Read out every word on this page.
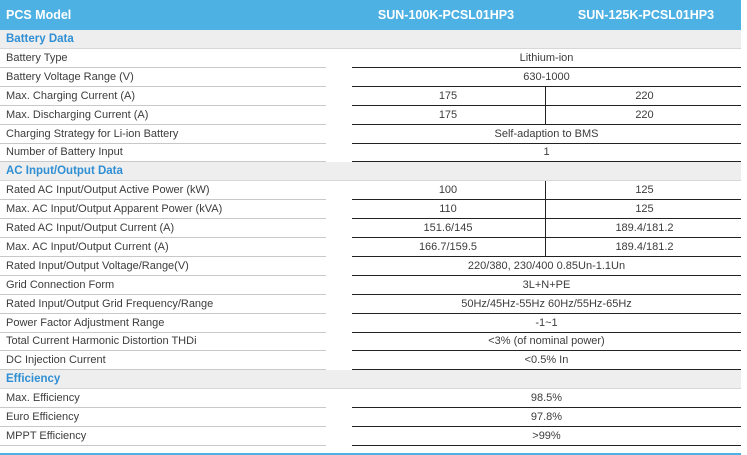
PCS Model	SUN-100K-PCSL01HP3	SUN-125K-PCSL01HP3
Battery Data
Battery Type	Lithium-ion
Battery Voltage Range (V)	630-1000
Max. Charging Current (A)	175	220
Max. Discharging Current (A)	175	220
Charging Strategy for Li-ion Battery	Self-adaption to BMS
Number of Battery Input	1
AC Input/Output Data
Rated AC Input/Output Active Power (kW)	100	125
Max. AC Input/Output Apparent Power (kVA)	110	125
Rated AC Input/Output Current (A)	151.6/145	189.4/181.2
Max. AC Input/Output Current (A)	166.7/159.5	189.4/181.2
Rated Input/Output Voltage/Range(V)	220/380, 230/400 0.85Un-1.1Un
Grid Connection Form	3L+N+PE
Rated Input/Output Grid Frequency/Range	50Hz/45Hz-55Hz 60Hz/55Hz-65Hz
Power Factor Adjustment Range	-1~1
Total Current Harmonic Distortion THDi	<3% (of nominal power)
DC Injection Current	<0.5% In
Efficiency
Max. Efficiency	98.5%
Euro Efficiency	97.8%
MPPT Efficiency	>99%
